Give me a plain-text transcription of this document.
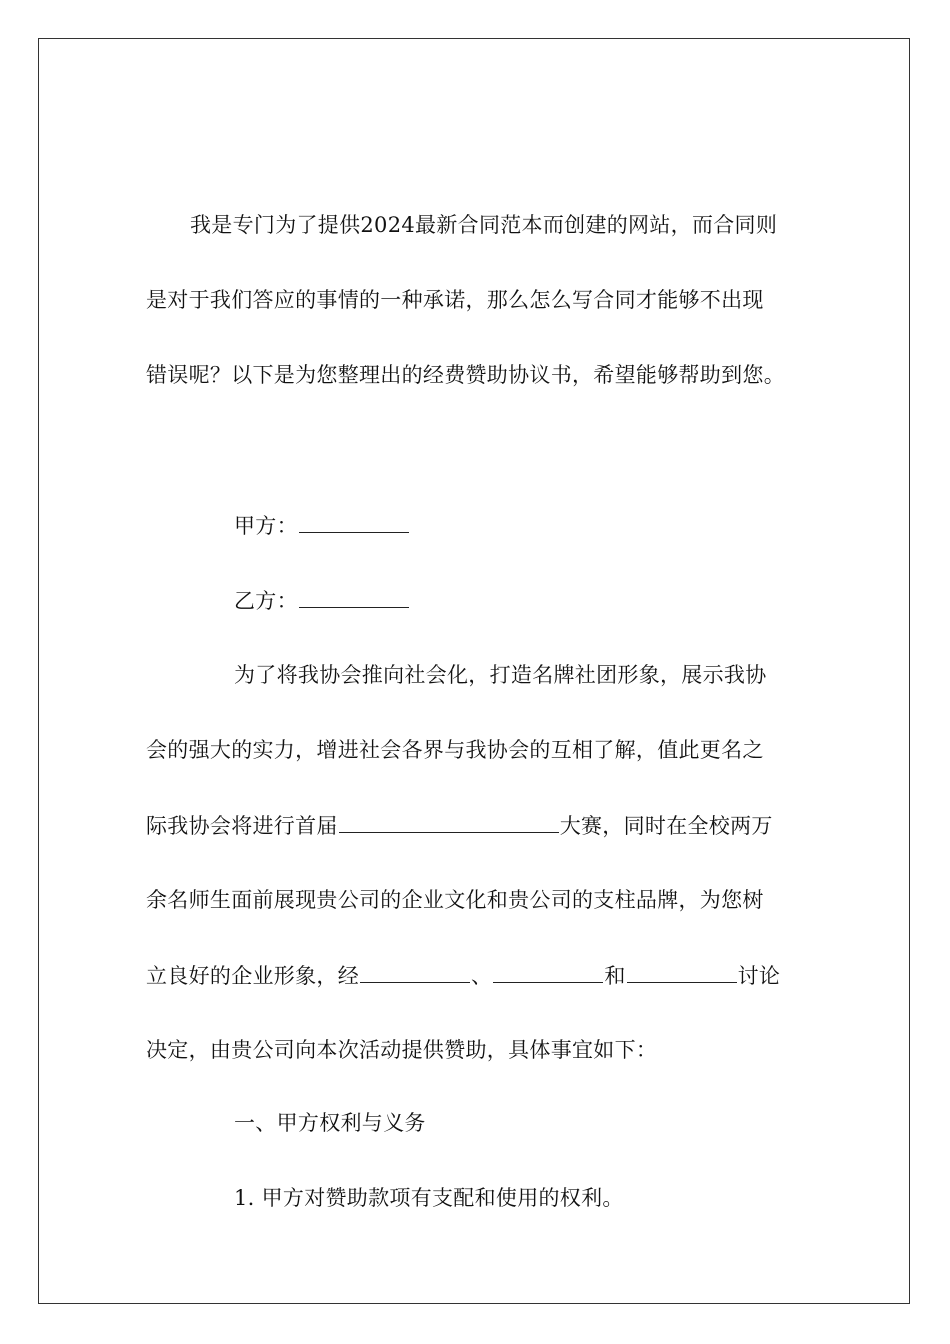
我是专门为了提供2024最新合同范本而创建的网站，而合同则
是对于我们答应的事情的一种承诺，那么怎么写合同才能够不出现
错误呢？以下是为您整理出的经费赞助协议书，希望能够帮助到您。
甲方：
乙方：
为了将我协会推向社会化，打造名牌社团形象，展示我协
会的强大的实力，增进社会各界与我协会的互相了解，值此更名之
际我协会将进行首届	大赛，同时在全校两万
余名师生面前展现贵公司的企业文化和贵公司的支柱品牌，为您树
立良好的企业形象，经	、	和	讨论
决定，由贵公司向本次活动提供赞助，具体事宜如下：
一、甲方权利与义务
1. 甲方对赞助款项有支配和使用的权利。
